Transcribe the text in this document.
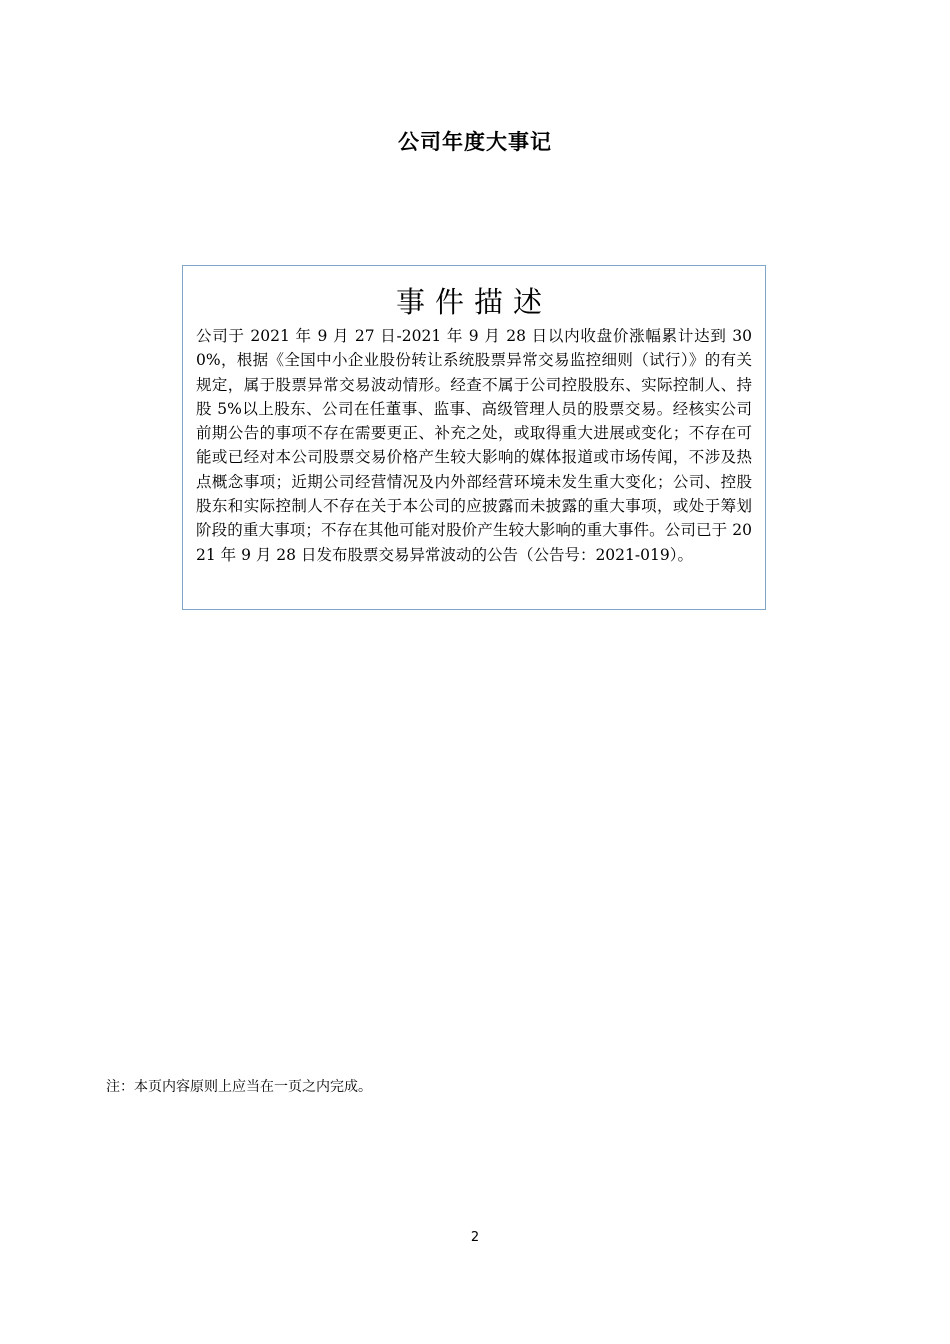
公司年度大事记
事件描述
公司于 2021 年 9 月 27 日-2021 年 9 月 28 日以内收盘价涨幅累计达到 300%，根据《全国中小企业股份转让系统股票异常交易监控细则（试行）》的有关规定，属于股票异常交易波动情形。经查不属于公司控股股东、实际控制人、持股 5%以上股东、公司在任董事、监事、高级管理人员的股票交易。经核实公司前期公告的事项不存在需要更正、补充之处，或取得重大进展或变化；不存在可能或已经对本公司股票交易价格产生较大影响的媒体报道或市场传闻，不涉及热点概念事项；近期公司经营情况及内外部经营环境未发生重大变化；公司、控股股东和实际控制人不存在关于本公司的应披露而未披露的重大事项，或处于筹划阶段的重大事项；不存在其他可能对股价产生较大影响的重大事件。公司已于 2021 年 9 月 28 日发布股票交易异常波动的公告（公告号：2021-019）。
注：本页内容原则上应当在一页之内完成。
2
